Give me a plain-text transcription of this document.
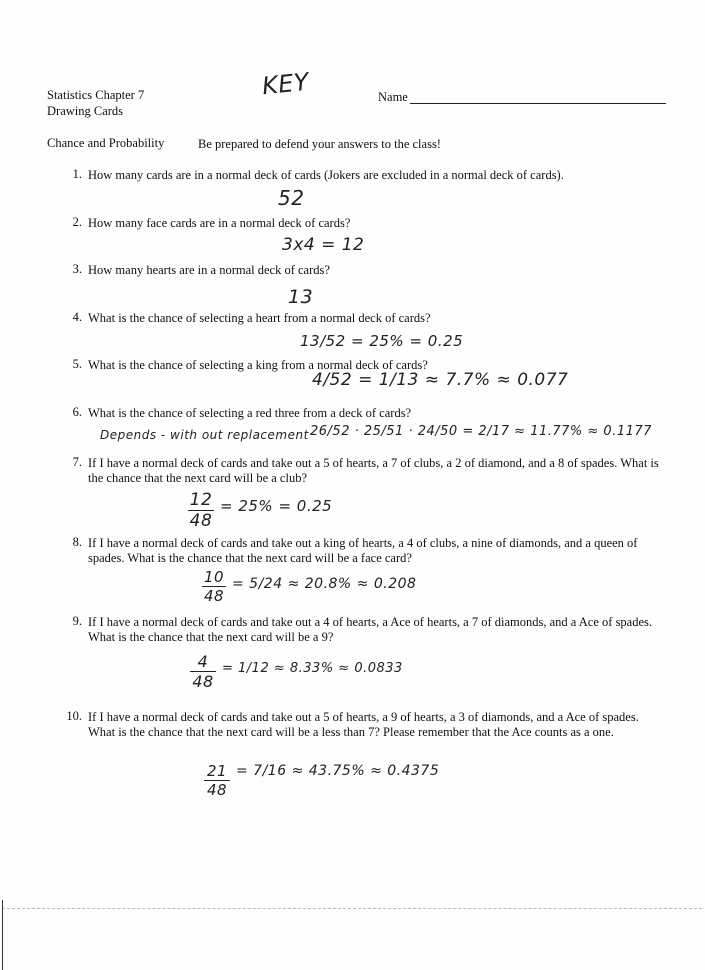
Statistics Chapter 7
Drawing Cards
KEY	Name
Chance and Probability	Be prepared to defend your answers to the class!
1. How many cards are in a normal deck of cards (Jokers are excluded in a normal deck of cards).
52
2. How many face cards are in a normal deck of cards?
3x4 = 12
3. How many hearts are in a normal deck of cards?
13
4. What is the chance of selecting a heart from a normal deck of cards?
13/52 = 25% = 0.25
5. What is the chance of selecting a king from a normal deck of cards?
4/52 = 1/13 ≈ 7.7% ≈ 0.077
6. What is the chance of selecting a red three from a deck of cards?
Depends - with out replacement 26/52 · 25/51 · 24/50 = 2/17 ≈ 11.77% ≈ 0.1177
7. If I have a normal deck of cards and take out a 5 of hearts, a 7 of clubs, a 2 of diamond, and a 8 of spades. What is the chance that the next card will be a club?
12
48
= 25% = 0.25
8. If I have a normal deck of cards and take out a king of hearts, a 4 of clubs, a nine of diamonds, and a queen of spades. What is the chance that the next card will be a face card?
10
48
= 5/24 ≈ 20.8% ≈ 0.208
9. If I have a normal deck of cards and take out a 4 of hearts, a Ace of hearts, a 7 of diamonds, and a Ace of spades. What is the chance that the next card will be a 9?
4
48
= 1/12 ≈ 8.33% ≈ 0.0833
10. If I have a normal deck of cards and take out a 5 of hearts, a 9 of hearts, a 3 of diamonds, and a Ace of spades. What is the chance that the next card will be a less than 7? Please remember that the Ace counts as a one.
21
48
= 7/16 ≈ 43.75% ≈ 0.4375
